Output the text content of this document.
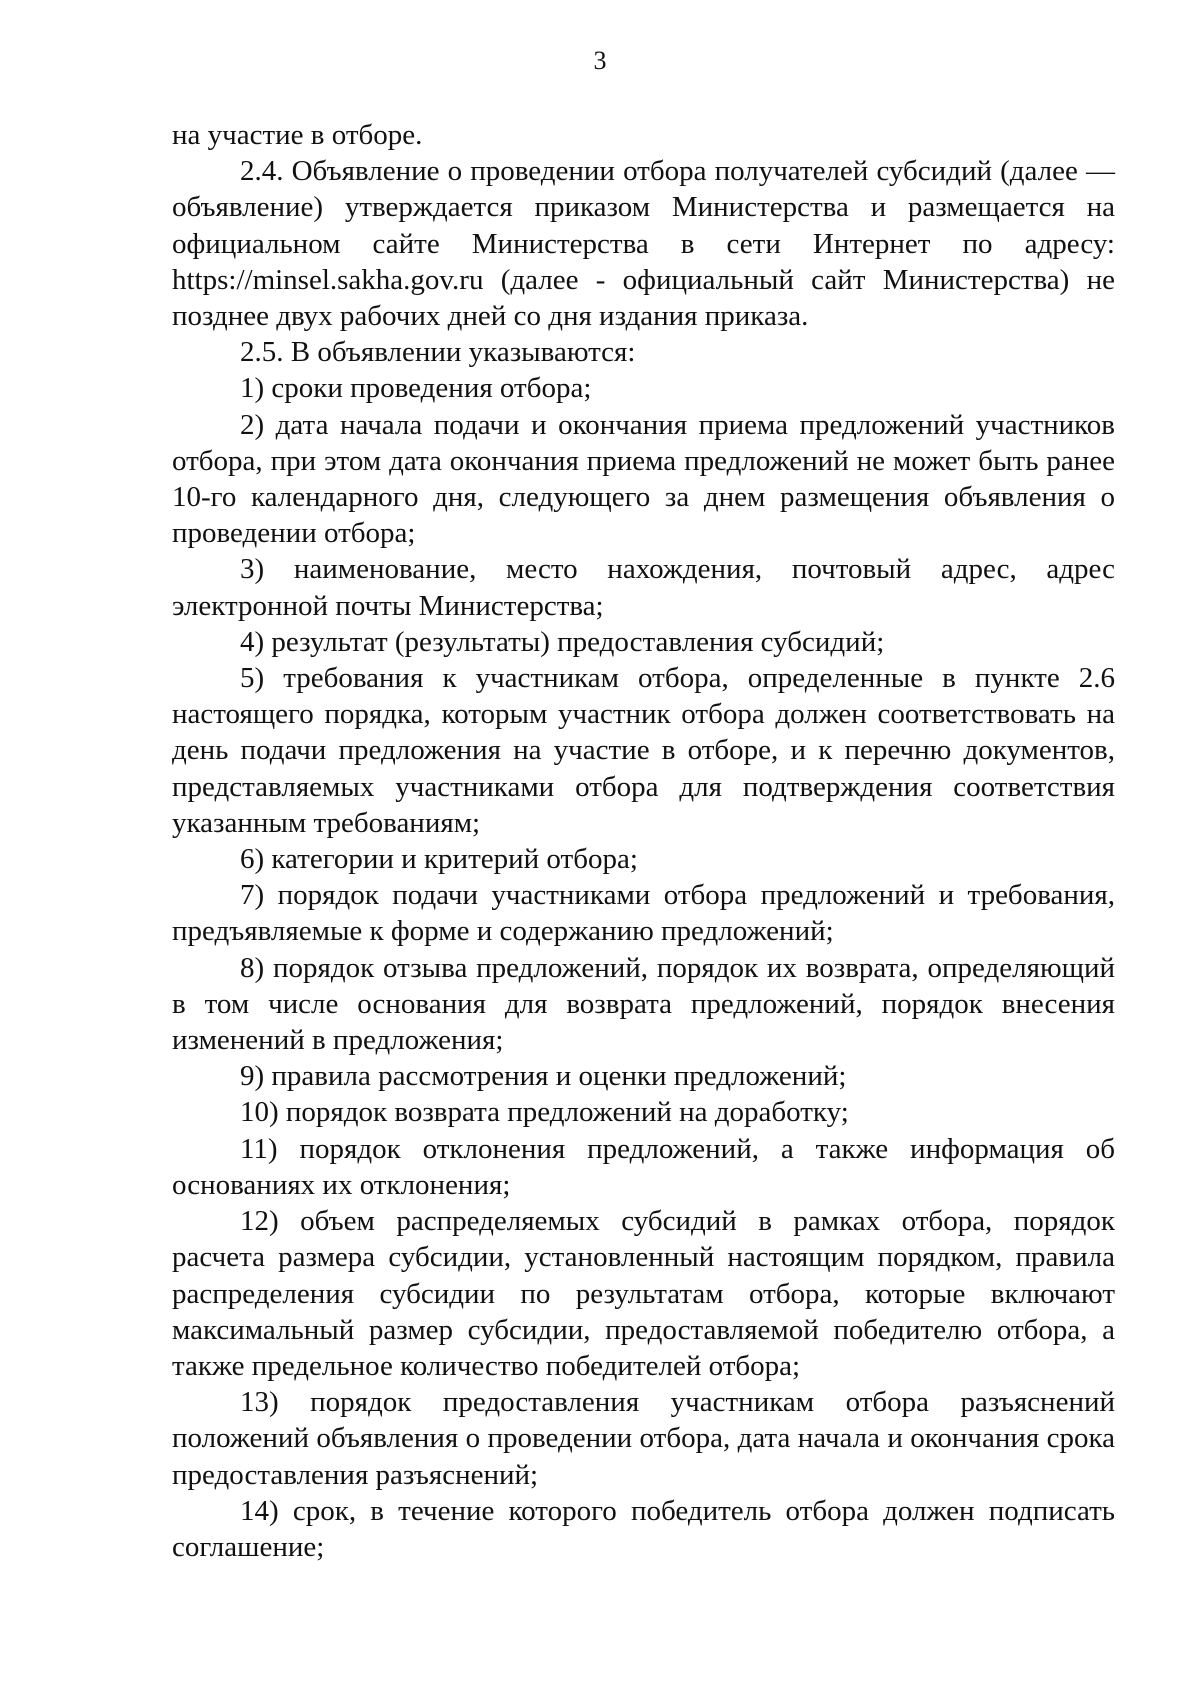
3

на участие в отборе.

2.4. Объявление о проведении отбора получателей субсидий (далее — объявление) утверждается приказом Министерства и размещается на официальном сайте Министерства в сети Интернет по адресу: https://minsel.sakha.gov.ru (далее - официальный сайт Министерства) не позднее двух рабочих дней со дня издания приказа.

2.5. В объявлении указываются:

1) сроки проведения отбора;

2) дата начала подачи и окончания приема предложений участников отбора, при этом дата окончания приема предложений не может быть ранее 10-го календарного дня, следующего за днем размещения объявления о проведении отбора;

3) наименование, место нахождения, почтовый адрес, адрес электронной почты Министерства;

4) результат (результаты) предоставления субсидий;

5) требования к участникам отбора, определенные в пункте 2.6 настоящего порядка, которым участник отбора должен соответствовать на день подачи предложения на участие в отборе, и к перечню документов, представляемых участниками отбора для подтверждения соответствия указанным требованиям;

6) категории и критерий отбора;

7) порядок подачи участниками отбора предложений и требования, предъявляемые к форме и содержанию предложений;

8) порядок отзыва предложений, порядок их возврата, определяющий в том числе основания для возврата предложений, порядок внесения изменений в предложения;

9) правила рассмотрения и оценки предложений;

10) порядок возврата предложений на доработку;

11) порядок отклонения предложений, а также информация об основаниях их отклонения;

12) объем распределяемых субсидий в рамках отбора, порядок расчета размера субсидии, установленный настоящим порядком, правила распределения субсидии по результатам отбора, которые включают максимальный размер субсидии, предоставляемой победителю отбора, а также предельное количество победителей отбора;

13) порядок предоставления участникам отбора разъяснений положений объявления о проведении отбора, дата начала и окончания срока предоставления разъяснений;

14) срок, в течение которого победитель отбора должен подписать соглашение;
